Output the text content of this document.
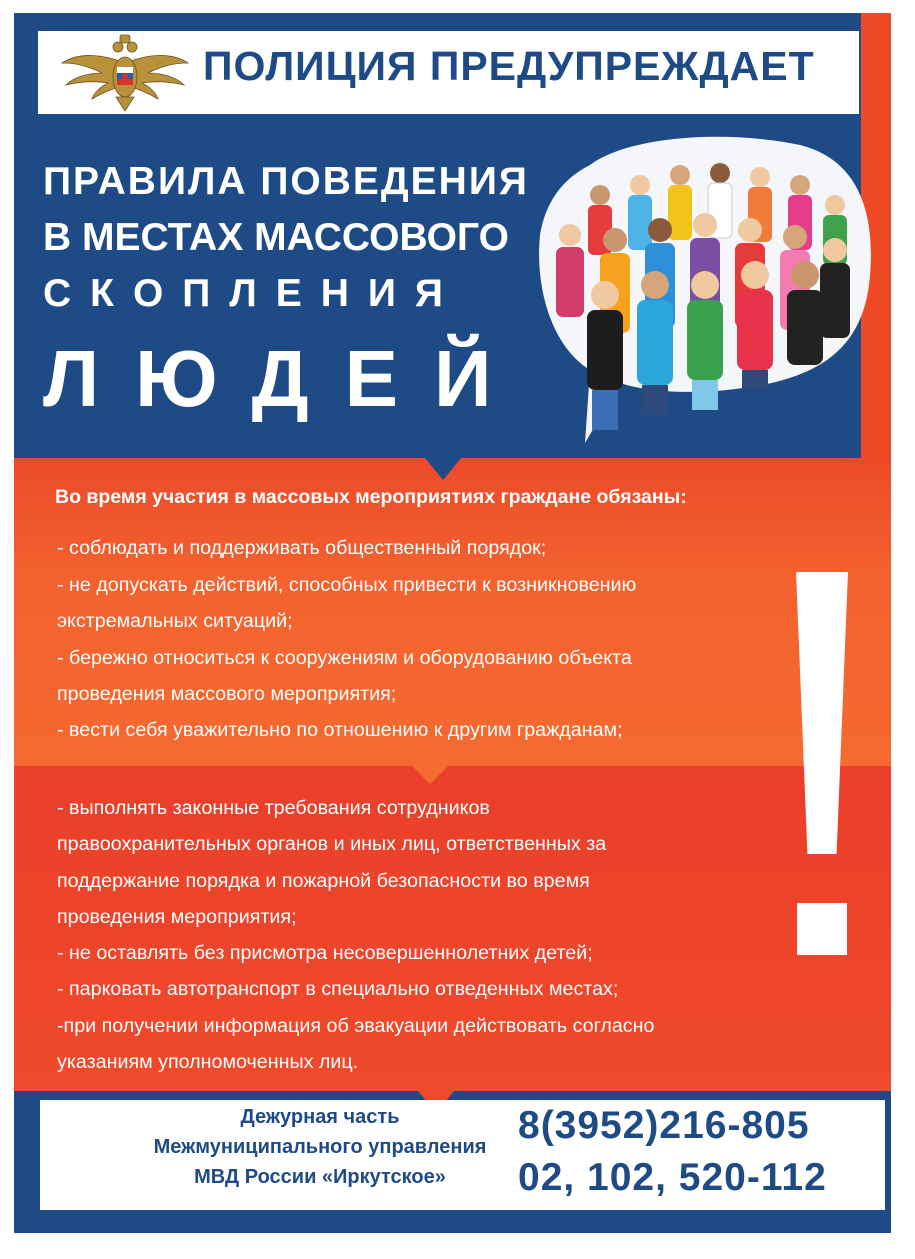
ПОЛИЦИЯ ПРЕДУПРЕЖДАЕТ
ПРАВИЛА ПОВЕДЕНИЯ
В МЕСТАХ МАССОВОГО
СКОПЛЕНИЯ
ЛЮДЕЙ
Во время участия в массовых мероприятиях граждане обязаны:
- соблюдать и поддерживать общественный порядок;
- не допускать действий, способных привести к возникновению
экстремальных ситуаций;
- бережно относиться к сооружениям и оборудованию объекта
проведения массового мероприятия;
- вести себя уважительно по отношению к другим гражданам;
- выполнять законные требования сотрудников
правоохранительных органов и иных лиц, ответственных за
поддержание порядка и пожарной безопасности во время
проведения мероприятия;
- не оставлять без присмотра несовершеннолетних детей;
- парковать автотранспорт в специально отведенных местах;
-при получении информация об эвакуации действовать согласно
указаниям уполномоченных лиц.
Дежурная часть
Межмуниципального управления
МВД России «Иркутское»
8(3952)216-805
02, 102, 520-112
